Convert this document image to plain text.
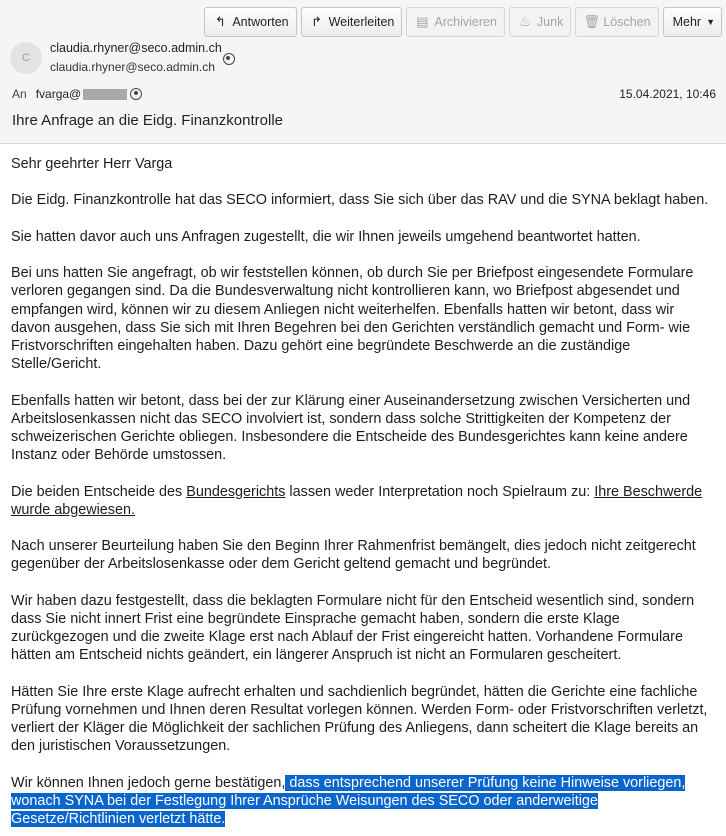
↰ Antworten ↱ Weiterleiten ▤ Archivieren ♨ Junk 🗑 Löschen Mehr ▼
C
claudia.rhyner@seco.admin.ch
claudia.rhyner@seco.admin.ch
An fvarga@	15.04.2021, 10:46
Ihre Anfrage an die Eidg. Finanzkontrolle

Sehr geehrter Herr Varga

Die Eidg. Finanzkontrolle hat das SECO informiert, dass Sie sich über das RAV und die SYNA beklagt haben.

Sie hatten davor auch uns Anfragen zugestellt, die wir Ihnen jeweils umgehend beantwortet hatten.

Bei uns hatten Sie angefragt, ob wir feststellen können, ob durch Sie per Briefpost eingesendete Formulare verloren gegangen sind. Da die Bundesverwaltung nicht kontrollieren kann, wo Briefpost abgesendet und empfangen wird, können wir zu diesem Anliegen nicht weiterhelfen. Ebenfalls hatten wir betont, dass wir davon ausgehen, dass Sie sich mit Ihren Begehren bei den Gerichten verständlich gemacht und Form- wie Fristvorschriften eingehalten haben. Dazu gehört eine begründete Beschwerde an die zuständige Stelle/Gericht.

Ebenfalls hatten wir betont, dass bei der zur Klärung einer Auseinandersetzung zwischen Versicherten und Arbeitslosenkassen nicht das SECO involviert ist, sondern dass solche Strittigkeiten der Kompetenz der schweizerischen Gerichte obliegen. Insbesondere die Entscheide des Bundesgerichtes kann keine andere Instanz oder Behörde umstossen.

Die beiden Entscheide des Bundesgerichts lassen weder Interpretation noch Spielraum zu: Ihre Beschwerde wurde abgewiesen.

Nach unserer Beurteilung haben Sie den Beginn Ihrer Rahmenfrist bemängelt, dies jedoch nicht zeitgerecht gegenüber der Arbeitslosenkasse oder dem Gericht geltend gemacht und begründet.

Wir haben dazu festgestellt, dass die beklagten Formulare nicht für den Entscheid wesentlich sind, sondern dass Sie nicht innert Frist eine begründete Einsprache gemacht haben, sondern die erste Klage zurückgezogen und die zweite Klage erst nach Ablauf der Frist eingereicht hatten. Vorhandene Formulare hätten am Entscheid nichts geändert, ein längerer Anspruch ist nicht an Formularen gescheitert.

Hätten Sie Ihre erste Klage aufrecht erhalten und sachdienlich begründet, hätten die Gerichte eine fachliche Prüfung vornehmen und Ihnen deren Resultat vorlegen können. Werden Form- oder Fristvorschriften verletzt, verliert der Kläger die Möglichkeit der sachlichen Prüfung des Anliegens, dann scheitert die Klage bereits an den juristischen Voraussetzungen.

Wir können Ihnen jedoch gerne bestätigen, dass entsprechend unserer Prüfung keine Hinweise vorliegen, wonach SYNA bei der Festlegung Ihrer Ansprüche Weisungen des SECO oder anderweitige Gesetze/Richtlinien verletzt hätte.
